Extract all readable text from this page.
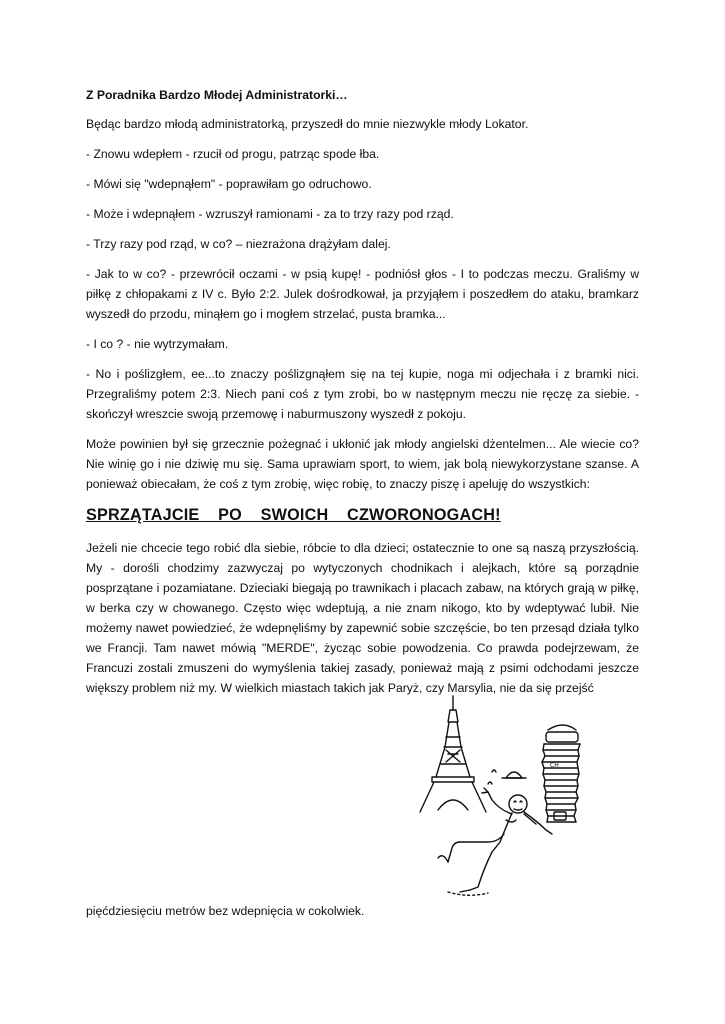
Z Poradnika Bardzo Młodej Administratorki…

Będąc bardzo młodą administratorką, przyszedł do mnie niezwykle młody Lokator.

- Znowu wdepłem - rzucił od progu, patrząc spode łba.

- Mówi się "wdepnąłem" - poprawiłam go odruchowo.

- Może i wdepnąłem - wzruszył ramionami - za to trzy razy pod rząd.

- Trzy razy pod rząd, w co? – niezrażona drążyłam dalej.

- Jak to w co? - przewrócił oczami - w psią kupę! - podniósł głos - I to podczas meczu. Graliśmy w piłkę z chłopakami z IV c. Było 2:2. Julek dośrodkował, ja przyjąłem i poszedłem do ataku, bramkarz wyszedł do przodu, minąłem go i mogłem strzelać, pusta bramka...

- I co ? - nie wytrzymałam.

- No i poślizgłem, ee...to znaczy poślizgnąłem się na tej kupie, noga mi odjechała i z bramki nici. Przegraliśmy potem 2:3. Niech pani coś z tym zrobi, bo w następnym meczu nie ręczę za siebie. - skończył wreszcie swoją przemowę i naburmuszony wyszedł z pokoju.

Może powinien był się grzecznie pożegnać i ukłonić jak młody angielski dżentelmen... Ale wiecie co? Nie winię go i nie dziwię mu się. Sama uprawiam sport, to wiem, jak bolą niewykorzystane szanse. A ponieważ obiecałam, że coś z tym zrobię, więc robię, to znaczy piszę i apeluję do wszystkich:

SPRZĄTAJCIE PO SWOICH CZWORONOGACH!

Jeżeli nie chcecie tego robić dla siebie, róbcie to dla dzieci; ostatecznie to one są naszą przyszłością. My - dorośli chodzimy zazwyczaj po wytyczonych chodnikach i alejkach, które są porządnie posprzątane i pozamiatane. Dzieciaki biegają po trawnikach i placach zabaw, na których grają w piłkę, w berka czy w chowanego. Często więc wdeptują, a nie znam nikogo, kto by wdeptywać lubił. Nie możemy nawet powiedzieć, że wdepnęliśmy by zapewnić sobie szczęście, bo ten przesąd działa tylko we Francji. Tam nawet mówią "MERDE", życząc sobie powodzenia. Co prawda podejrzewam, że Francuzi zostali zmuszeni do wymyślenia takiej zasady, ponieważ mają z psimi odchodami jeszcze większy problem niż my. W wielkich miastach takich jak Paryż, czy Marsylia, nie da się przejść

CH

pięćdziesięciu metrów bez wdepnięcia w cokolwiek.
